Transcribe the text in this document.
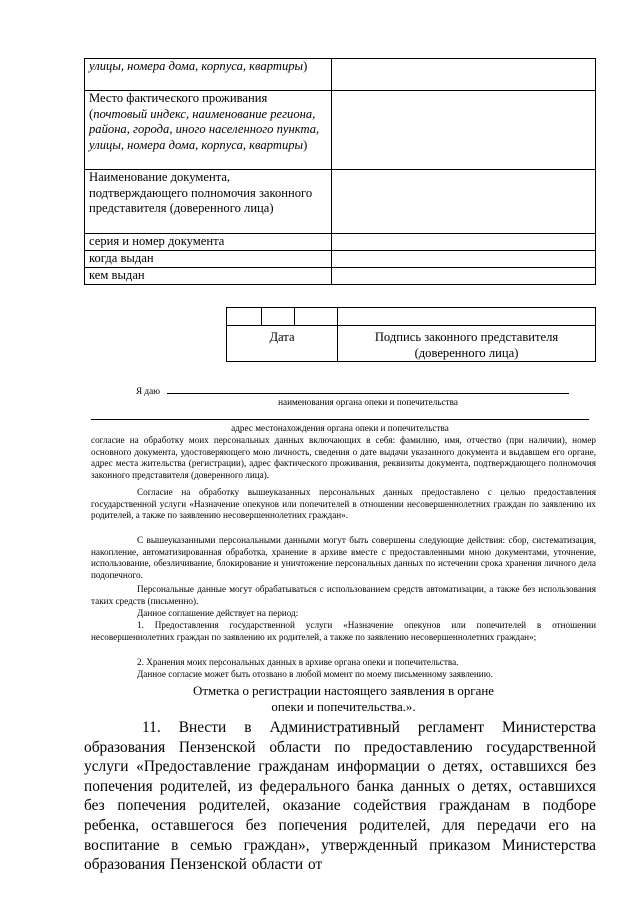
улицы, номера дома, корпуса, квартиры)	
Место фактического проживания
(почтовый индекс, наименование региона, района, города, иного населенного пункта, улицы, номера дома, корпуса, квартиры)	
Наименование документа, подтверждающего полномочия законного представителя (доверенного лица)	
серия и номер документа	
когда выдан	
кем выдан	

Дата			Подпись законного представителя (доверенного лица)
Я даю
наименования органа опеки и попечительства
адрес местонахождения органа опеки и попечительства
согласие на обработку моих персональных данных включающих в себя: фамилию, имя, отчество (при наличии), номер основного документа, удостоверяющего мою личность, сведения о дате выдачи указанного документа и выдавшем его органе, адрес места жительства (регистрации), адрес фактического проживания, реквизиты документа, подтверждающего полномочия законного представителя (доверенного лица).
Согласие на обработку вышеуказанных персональных данных предоставлено с целью предоставления государственной услуги «Назначение опекунов или попечителей в отношении несовершеннолетних граждан по заявлению их родителей, а также по заявлению несовершеннолетних граждан».
С вышеуказанными персональными данными могут быть совершены следующие действия: сбор, систематизация, накопление, автоматизированная обработка, хранение в архиве вместе с предоставленными мною документами, уточнение, использование, обезличивание, блокирование и уничтожение персональных данных по истечении срока хранения личного дела подопечного.
Персональные данные могут обрабатываться с использованием средств автоматизации, а также без использования таких средств (письменно).
Данное соглашение действует на период:
1. Предоставления государственной услуги «Назначение опекунов или попечителей в отношении несовершеннолетних граждан по заявлению их родителей, а также по заявлению несовершеннолетних граждан»;
2. Хранения моих персональных данных в архиве органа опеки и попечительства.
Данное согласие может быть отозвано в любой момент по моему письменному заявлению.
Отметка о регистрации настоящего заявления в органе
опеки и попечительства.».
11. Внести в Административный регламент Министерства образования Пензенской области по предоставлению государственной услуги «Предоставление гражданам информации о детях, оставшихся без попечения родителей, из федерального банка данных о детях, оставшихся без попечения родителей, оказание содействия гражданам в подборе ребенка, оставшегося без попечения родителей, для передачи его на воспитание в семью граждан», утвержденный приказом Министерства образования Пензенской области от
